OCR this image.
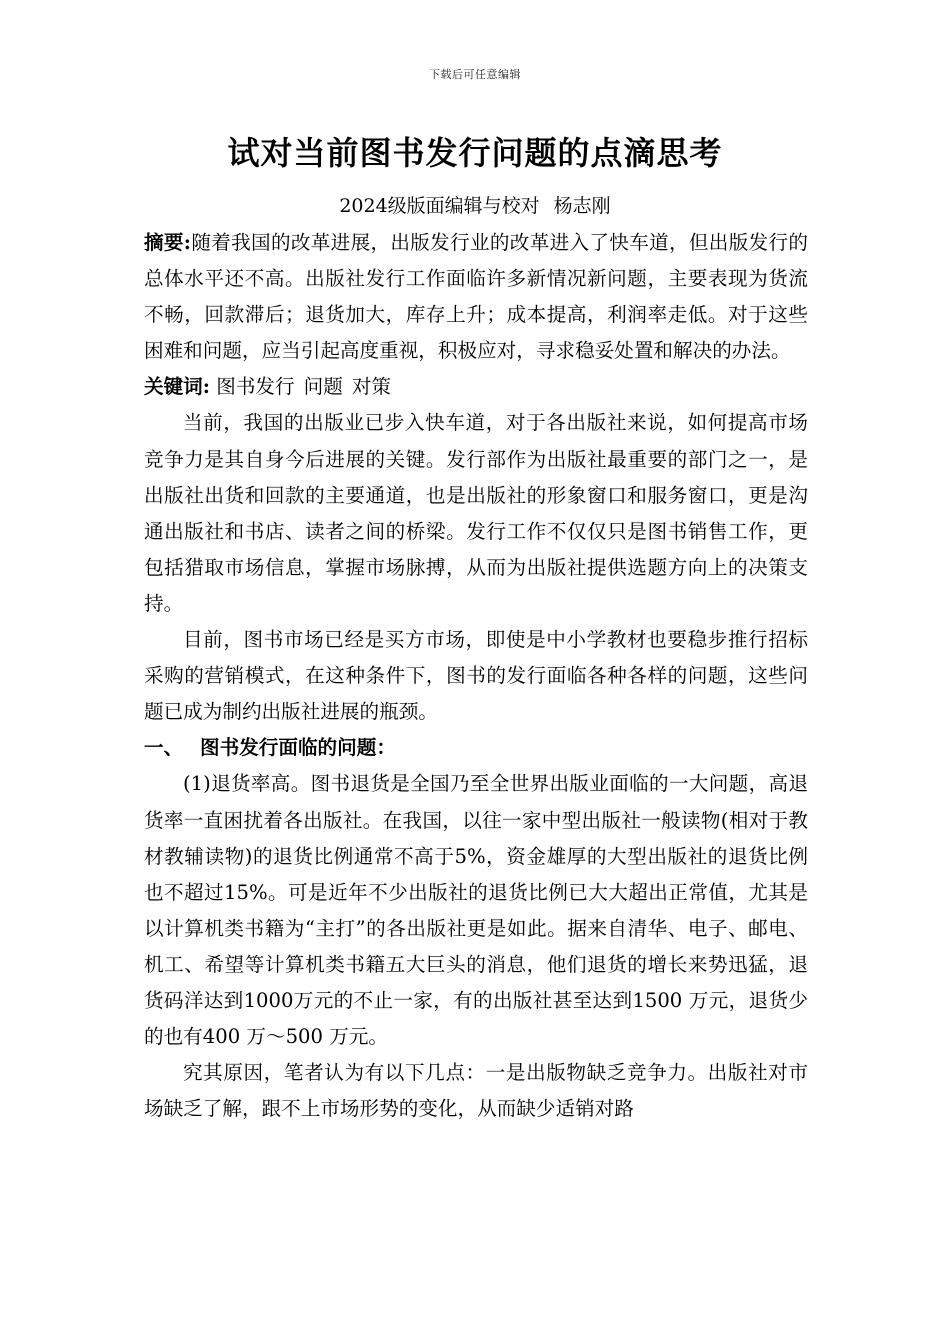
下载后可任意编辑
试对当前图书发行问题的点滴思考
2024级版面编辑与校对 杨志刚

摘要:随着我国的改革进展，出版发行业的改革进入了快车道，但出版发行的总体水平还不高。出版社发行工作面临许多新情况新问题，主要表现为货流不畅，回款滞后；退货加大，库存上升；成本提高，利润率走低。对于这些困难和问题，应当引起高度重视，积极应对，寻求稳妥处置和解决的办法。

关键词: 图书发行 问题 对策

当前，我国的出版业已步入快车道，对于各出版社来说，如何提高市场竞争力是其自身今后进展的关键。发行部作为出版社最重要的部门之一，是出版社出货和回款的主要通道，也是出版社的形象窗口和服务窗口，更是沟通出版社和书店、读者之间的桥梁。发行工作不仅仅只是图书销售工作，更包括猎取市场信息，掌握市场脉搏，从而为出版社提供选题方向上的决策支持。

目前，图书市场已经是买方市场，即使是中小学教材也要稳步推行招标采购的营销模式，在这种条件下，图书的发行面临各种各样的问题，这些问题已成为制约出版社进展的瓶颈。

一、 图书发行面临的问题：

(1)退货率高。图书退货是全国乃至全世界出版业面临的一大问题，高退货率一直困扰着各出版社。在我国，以往一家中型出版社一般读物(相对于教材教辅读物)的退货比例通常不高于5%，资金雄厚的大型出版社的退货比例也不超过15%。可是近年不少出版社的退货比例已大大超出正常值，尤其是以计算机类书籍为“主打”的各出版社更是如此。据来自清华、电子、邮电、机工、希望等计算机类书籍五大巨头的消息，他们退货的增长来势迅猛，退货码洋达到1000万元的不止一家，有的出版社甚至达到1500 万元，退货少的也有400 万～500 万元。

究其原因，笔者认为有以下几点：一是出版物缺乏竞争力。出版社对市场缺乏了解，跟不上市场形势的变化，从而缺少适销对路
